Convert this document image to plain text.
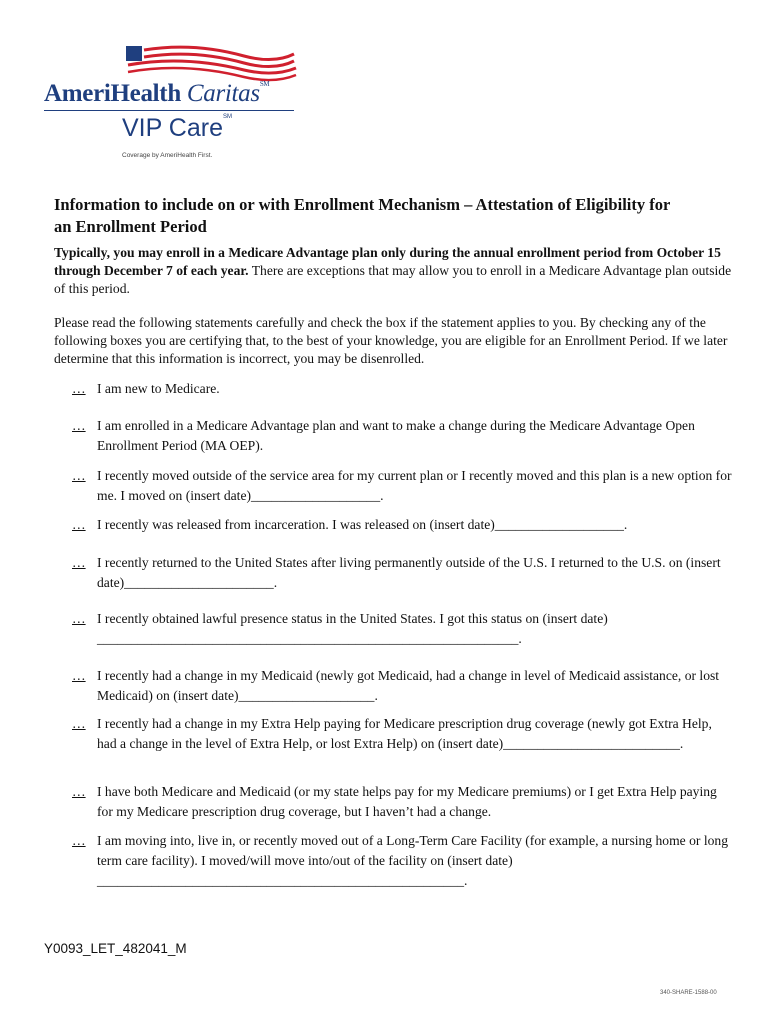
AmeriHealth Caritas℠
VIP Care℠
Coverage by AmeriHealth First.
Information to include on or with Enrollment Mechanism – Attestation of Eligibility for an Enrollment Period

Typically, you may enroll in a Medicare Advantage plan only during the annual enrollment period from October 15 through December 7 of each year. There are exceptions that may allow you to enroll in a Medicare Advantage plan outside of this period.

Please read the following statements carefully and check the box if the statement applies to you. By checking any of the following boxes you are certifying that, to the best of your knowledge, you are eligible for an Enrollment Period. If we later determine that this information is incorrect, you may be disenrolled.

… I am new to Medicare.
… I am enrolled in a Medicare Advantage plan and want to make a change during the Medicare Advantage Open Enrollment Period (MA OEP).
… I recently moved outside of the service area for my current plan or I recently moved and this plan is a new option for me. I moved on (insert date)___________________.
… I recently was released from incarceration. I was released on (insert date)___________________.
… I recently returned to the United States after living permanently outside of the U.S. I returned to the U.S. on (insert date)______________________.
… I recently obtained lawful presence status in the United States. I got this status on (insert date) ______________________________________________________________.
… I recently had a change in my Medicaid (newly got Medicaid, had a change in level of Medicaid assistance, or lost Medicaid) on (insert date)____________________.
… I recently had a change in my Extra Help paying for Medicare prescription drug coverage (newly got Extra Help, had a change in the level of Extra Help, or lost Extra Help) on (insert date)__________________________.
… I have both Medicare and Medicaid (or my state helps pay for my Medicare premiums) or I get Extra Help paying for my Medicare prescription drug coverage, but I haven’t had a change.
… I am moving into, live in, or recently moved out of a Long-Term Care Facility (for example, a nursing home or long term care facility). I moved/will move into/out of the facility on (insert date) ______________________________________________________.
Y0093_LET_482041_M
340-SHARE-1588-00
